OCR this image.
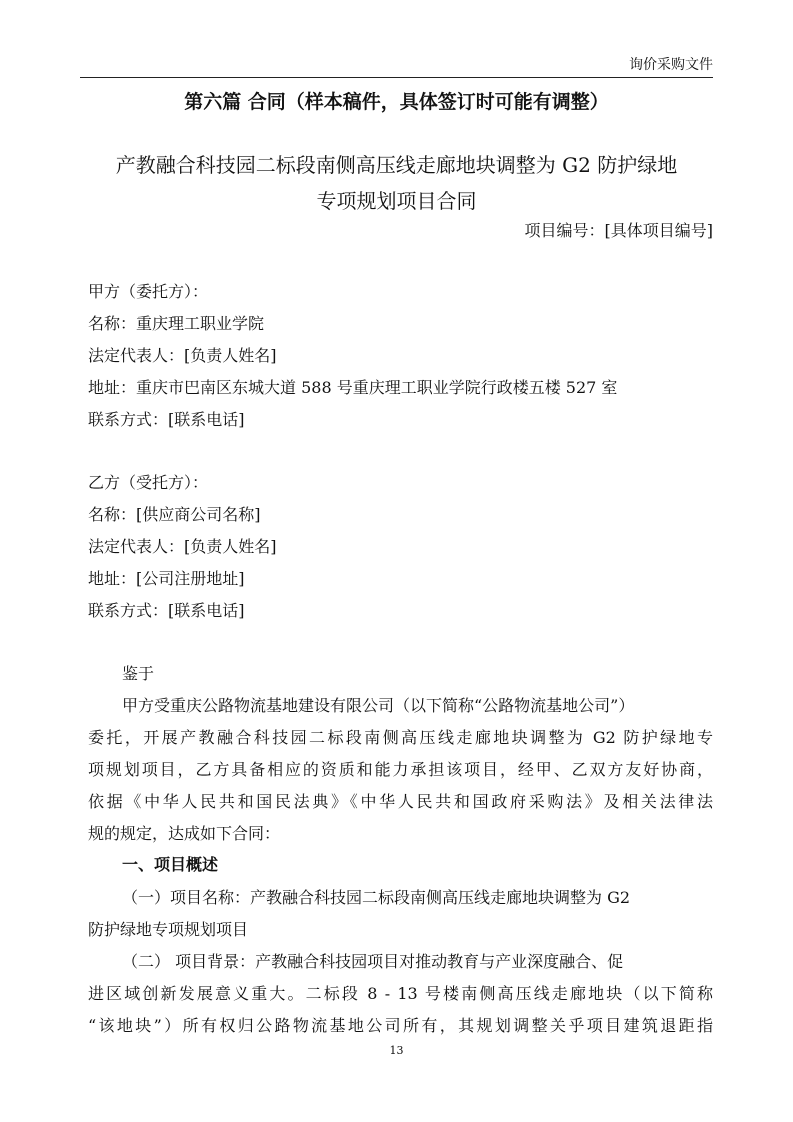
询价采购文件
第六篇 合同（样本稿件，具体签订时可能有调整）
产教融合科技园二标段南侧高压线走廊地块调整为 G2 防护绿地
专项规划项目合同
项目编号：[具体项目编号]
甲方（委托方）：
名称：重庆理工职业学院
法定代表人：[负责人姓名]
地址：重庆市巴南区东城大道 588 号重庆理工职业学院行政楼五楼 527 室
联系方式：[联系电话]
乙方（受托方）：
名称：[供应商公司名称]
法定代表人：[负责人姓名]
地址：[公司注册地址]
联系方式：[联系电话]
鉴于
甲方受重庆公路物流基地建设有限公司（以下简称“公路物流基地公司”）
委托，开展产教融合科技园二标段南侧高压线走廊地块调整为 G2 防护绿地专
项规划项目，乙方具备相应的资质和能力承担该项目，经甲、乙双方友好协商，
依据《中华人民共和国民法典》《中华人民共和国政府采购法》及相关法律法
规的规定，达成如下合同：
一、项目概述
（一）项目名称：产教融合科技园二标段南侧高压线走廊地块调整为 G2
防护绿地专项规划项目
（二） 项目背景：产教融合科技园项目对推动教育与产业深度融合、促
进区域创新发展意义重大。二标段 8 - 13 号楼南侧高压线走廊地块（以下简称
“该地块”）所有权归公路物流基地公司所有，其规划调整关乎项目建筑退距指
13
